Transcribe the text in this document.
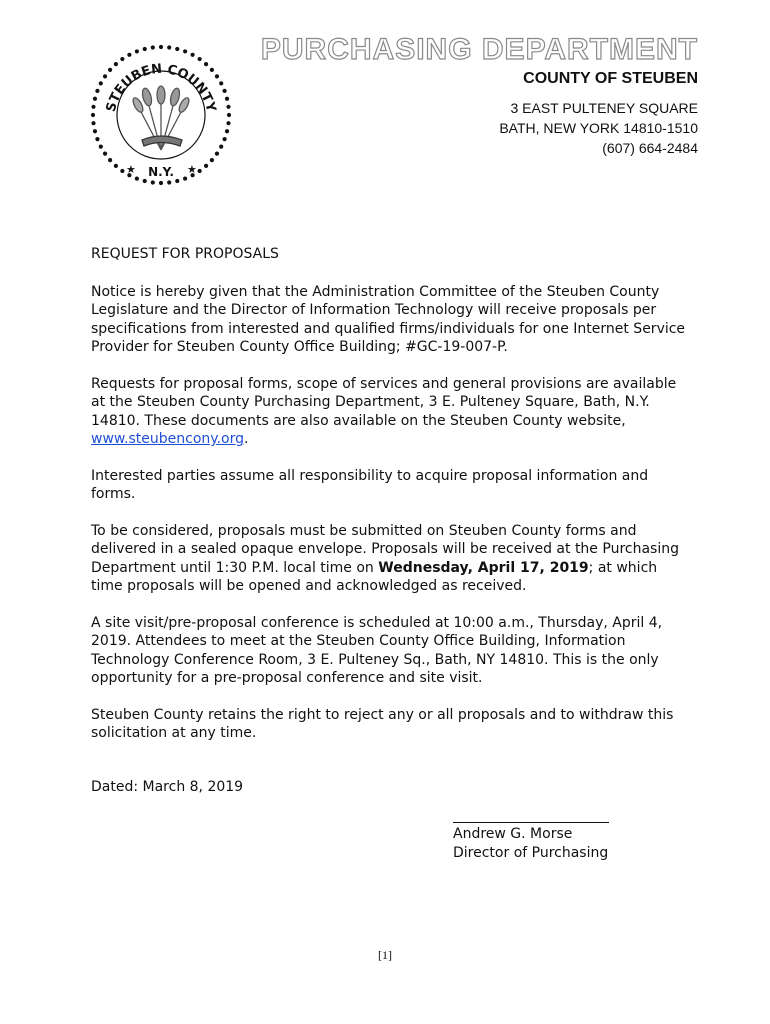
STEUBEN COUNTY
N.Y.
★	★
PURCHASING DEPARTMENT
COUNTY OF STEUBEN
3 EAST PULTENEY SQUARE
BATH, NEW YORK 14810-1510
(607) 664-2484

REQUEST FOR PROPOSALS

Notice is hereby given that the Administration Committee of the Steuben County Legislature and the Director of Information Technology will receive proposals per specifications from interested and qualified firms/individuals for one Internet Service Provider for Steuben County Office Building; #GC-19-007-P.

Requests for proposal forms, scope of services and general provisions are available at the Steuben County Purchasing Department, 3 E. Pulteney Square, Bath, N.Y. 14810. These documents are also available on the Steuben County website, www.steubencony.org.

Interested parties assume all responsibility to acquire proposal information and forms.

To be considered, proposals must be submitted on Steuben County forms and delivered in a sealed opaque envelope. Proposals will be received at the Purchasing Department until 1:30 P.M. local time on Wednesday, April 17, 2019; at which time proposals will be opened and acknowledged as received.

A site visit/pre-proposal conference is scheduled at 10:00 a.m., Thursday, April 4, 2019. Attendees to meet at the Steuben County Office Building, Information Technology Conference Room, 3 E. Pulteney Sq., Bath, NY 14810. This is the only opportunity for a pre-proposal conference and site visit.

Steuben County retains the right to reject any or all proposals and to withdraw this solicitation at any time.

Dated: March 8, 2019

Andrew G. Morse
Director of Purchasing
[1]
